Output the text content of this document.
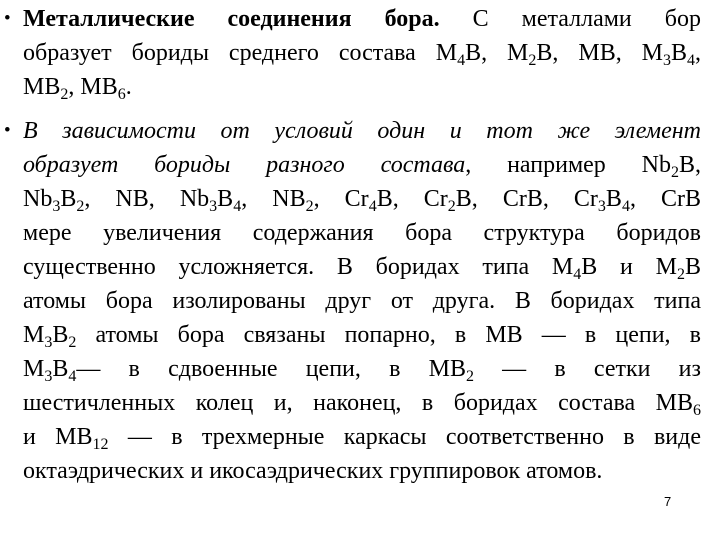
• Металлические соединения бора. С металлами бор
образует бориды среднего состава $M_4B$, $M_2B$, MB, $M_3B_4$,
$MB_2$, $MB_6$.
• В зависимости от условий один и тот же элемент
образует бориды разного состава, например $Nb_2B$,
$Nb_3B_2$, NB, $Nb_3B_4$, $NB_2$, $Cr_4B$, $Cr_2B$, CrB, $Cr_3B_4$, CrB
мере увеличения содержания бора структура боридов
существенно усложняется. В боридах типа $M_4B$ и $M_2B$
атомы бора изолированы друг от друга. В боридах типа
$M_3B_2$ атомы бора связаны попарно, в MB — в цепи, в
$M_3B_4—$ в сдвоенные цепи, в $MB_2$ — в сетки из
шестичленных колец и, наконец, в боридах состава $MB_6$
и $MB_{12}$ — в трехмерные каркасы соответственно в виде
октаэдрических и икосаэдрических группировок атомов.
7
